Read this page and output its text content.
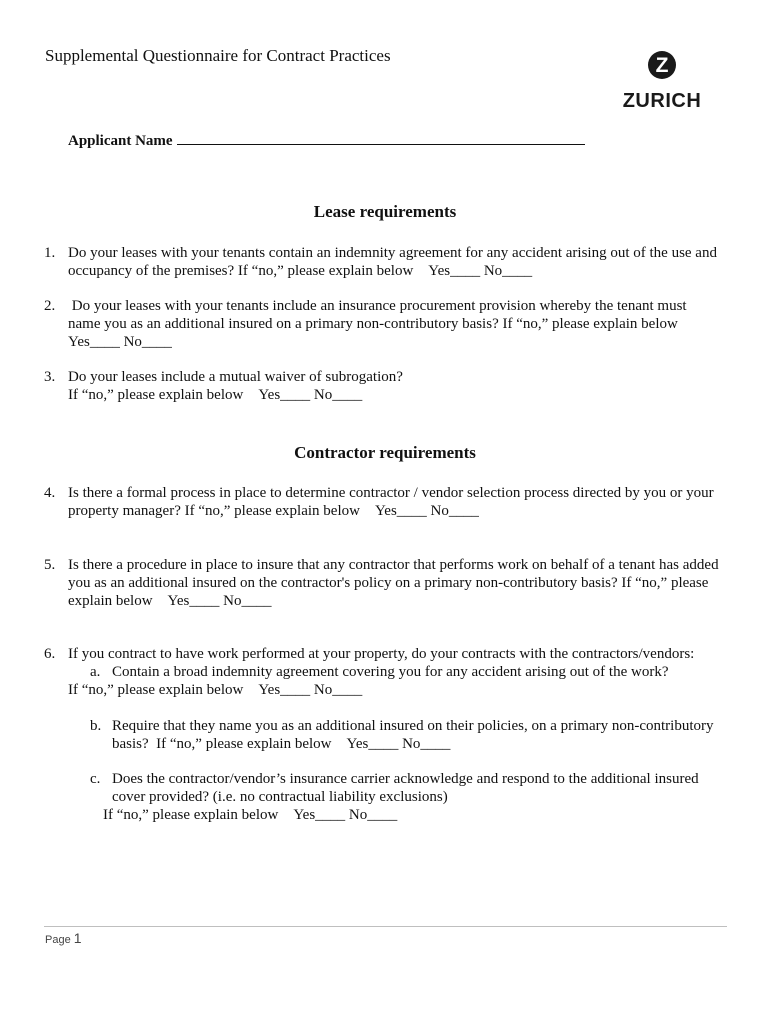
Supplemental Questionnaire for Contract Practices	Z
ZURICH
Applicant Name
Lease requirements
1. Do your leases with your tenants contain an indemnity agreement for any accident arising out of the use and
occupancy of the premises? If “no,” please explain below    Yes____ No____
2. Do your leases with your tenants include an insurance procurement provision whereby the tenant must
name you as an additional insured on a primary non-contributory basis? If “no,” please explain below
Yes____ No____
3. Do your leases include a mutual waiver of subrogation?
If “no,” please explain below    Yes____ No____
Contractor requirements
4. Is there a formal process in place to determine contractor / vendor selection process directed by you or your
property manager? If “no,” please explain below    Yes____ No____
5. Is there a procedure in place to insure that any contractor that performs work on behalf of a tenant has added
you as an additional insured on the contractor's policy on a primary non-contributory basis? If “no,” please
explain below    Yes____ No____
6. If you contract to have work performed at your property, do your contracts with the contractors/vendors:
a. Contain a broad indemnity agreement covering you for any accident arising out of the work?
If “no,” please explain below    Yes____ No____
b. Require that they name you as an additional insured on their policies, on a primary non-contributory
basis?  If “no,” please explain below    Yes____ No____
c. Does the contractor/vendor’s insurance carrier acknowledge and respond to the additional insured
cover provided? (i.e. no contractual liability exclusions)
If “no,” please explain below    Yes____ No____
Page 1
